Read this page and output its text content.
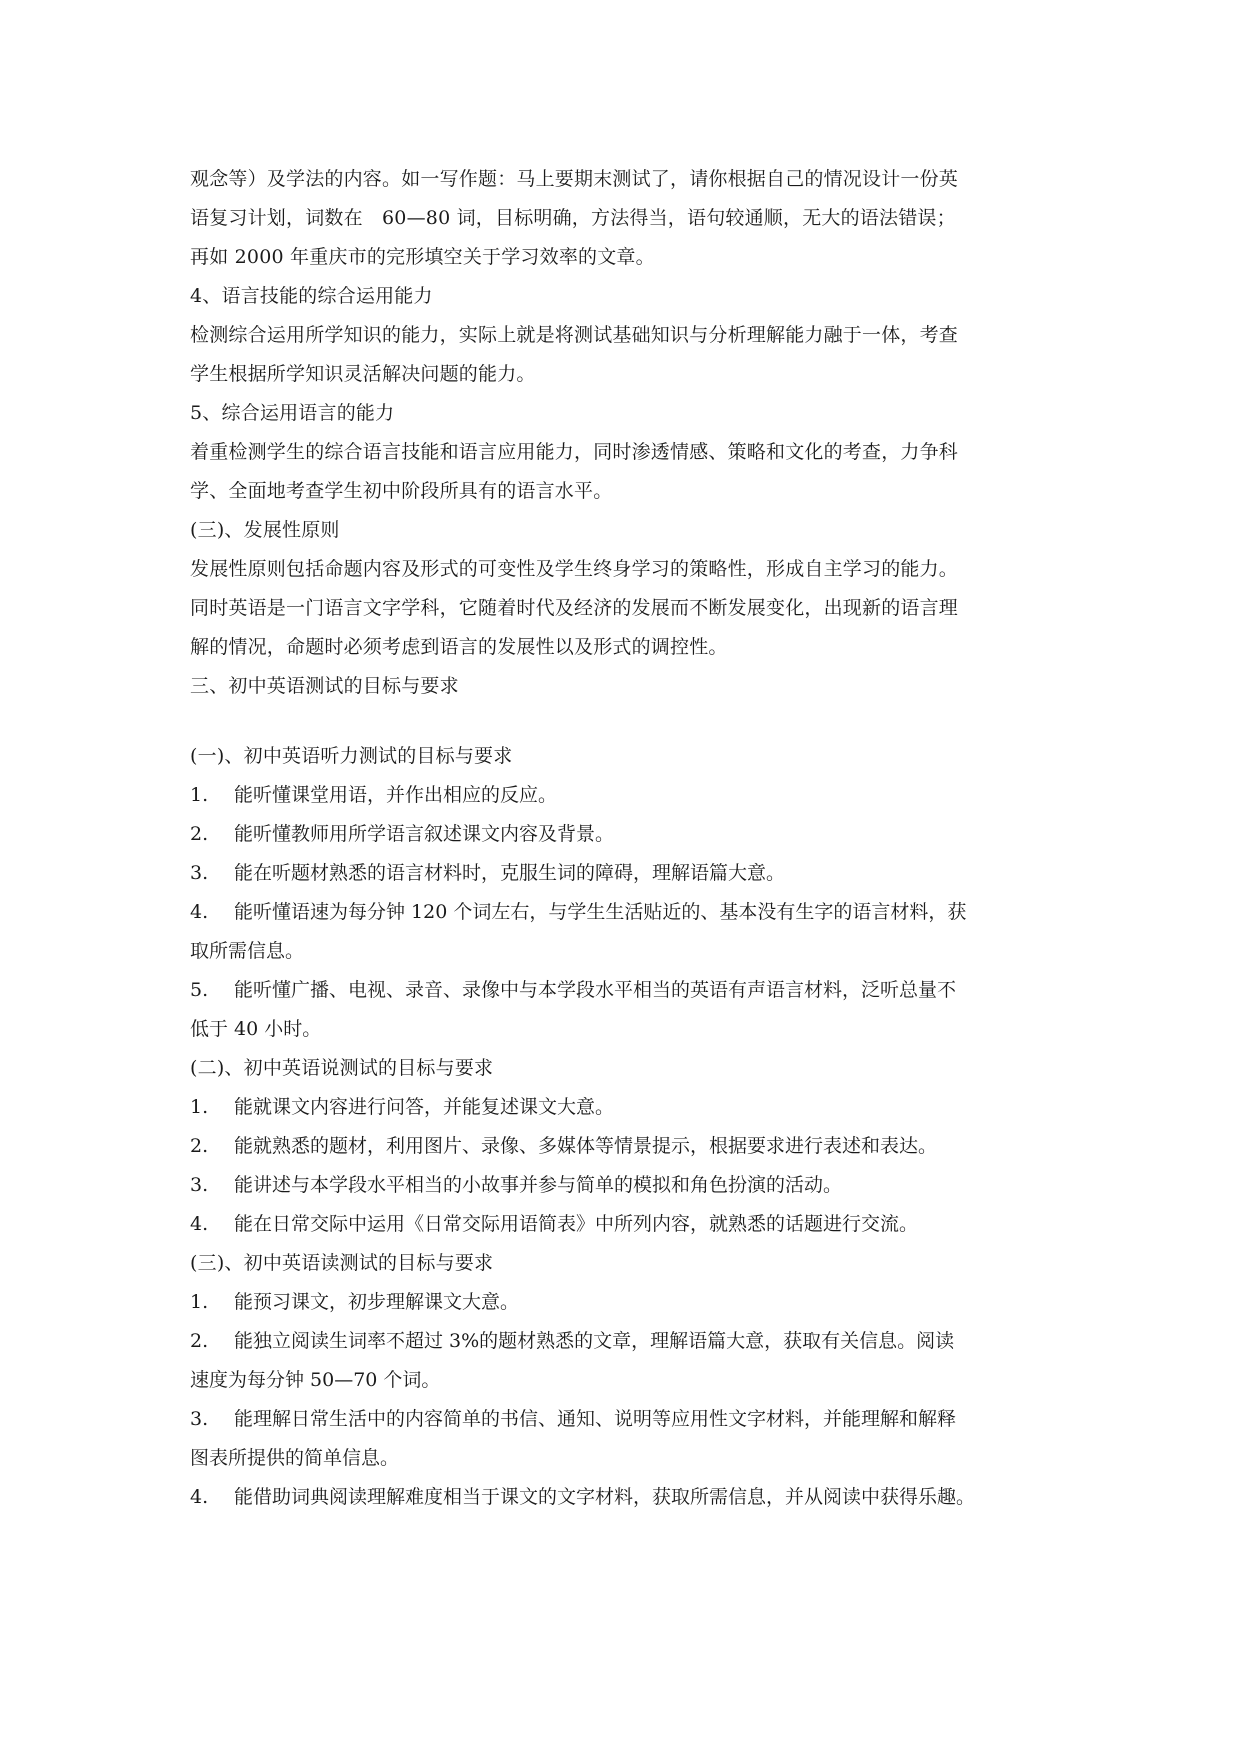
观念等）及学法的内容。如一写作题：马上要期末测试了，请你根据自己的情况设计一份英
语复习计划，词数在　60—80 词，目标明确，方法得当，语句较通顺，无大的语法错误；
再如 2000 年重庆市的完形填空关于学习效率的文章。
4、语言技能的综合运用能力
检测综合运用所学知识的能力，实际上就是将测试基础知识与分析理解能力融于一体，考查
学生根据所学知识灵活解决问题的能力。
5、综合运用语言的能力
着重检测学生的综合语言技能和语言应用能力，同时渗透情感、策略和文化的考查，力争科
学、全面地考查学生初中阶段所具有的语言水平。
(三)、发展性原则
发展性原则包括命题内容及形式的可变性及学生终身学习的策略性，形成自主学习的能力。
同时英语是一门语言文字学科，它随着时代及经济的发展而不断发展变化，出现新的语言理
解的情况，命题时必须考虑到语言的发展性以及形式的调控性。
三、初中英语测试的目标与要求
(一)、初中英语听力测试的目标与要求
1. 能听懂课堂用语，并作出相应的反应。
2. 能听懂教师用所学语言叙述课文内容及背景。
3. 能在听题材熟悉的语言材料时，克服生词的障碍，理解语篇大意。
4. 能听懂语速为每分钟 120 个词左右，与学生生活贴近的、基本没有生字的语言材料，获
取所需信息。
5. 能听懂广播、电视、录音、录像中与本学段水平相当的英语有声语言材料，泛听总量不
低于 40 小时。
(二)、初中英语说测试的目标与要求
1. 能就课文内容进行问答，并能复述课文大意。
2. 能就熟悉的题材，利用图片、录像、多媒体等情景提示，根据要求进行表述和表达。
3. 能讲述与本学段水平相当的小故事并参与简单的模拟和角色扮演的活动。
4. 能在日常交际中运用《日常交际用语简表》中所列内容，就熟悉的话题进行交流。
(三)、初中英语读测试的目标与要求
1. 能预习课文，初步理解课文大意。
2. 能独立阅读生词率不超过 3%的题材熟悉的文章，理解语篇大意，获取有关信息。阅读
速度为每分钟 50—70 个词。
3. 能理解日常生活中的内容简单的书信、通知、说明等应用性文字材料，并能理解和解释
图表所提供的简单信息。
4. 能借助词典阅读理解难度相当于课文的文字材料，获取所需信息，并从阅读中获得乐趣。
